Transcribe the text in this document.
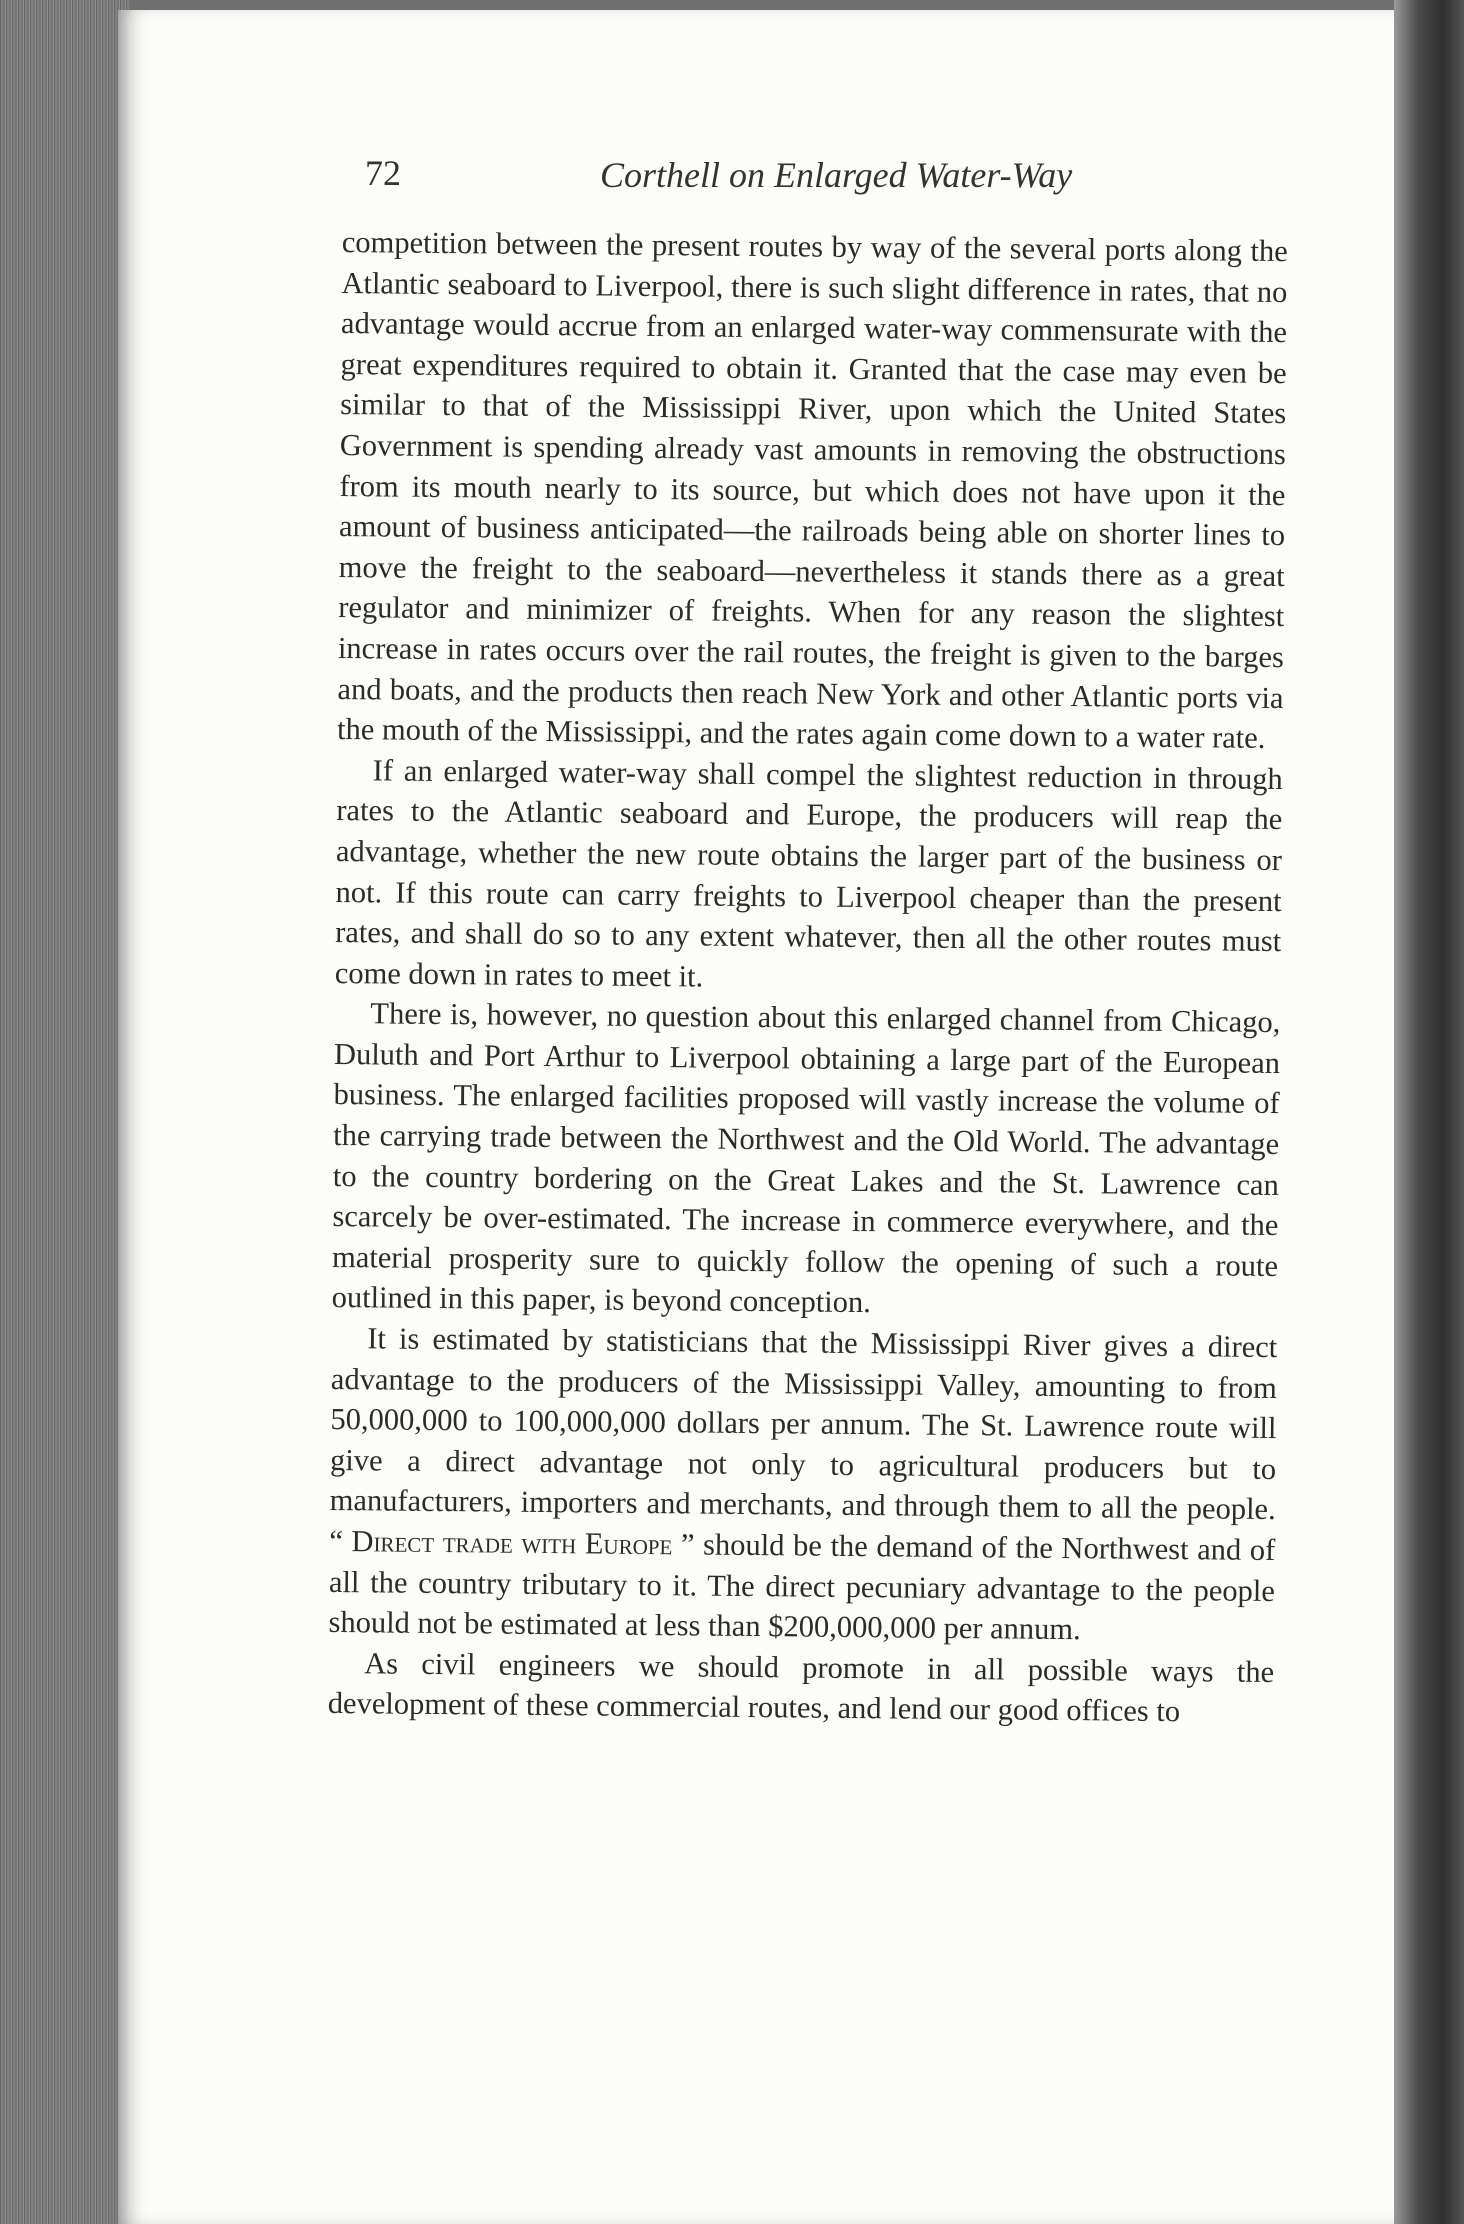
72	Corthell on Enlarged Water-Way

competition between the present routes by way of the several ports along the Atlantic seaboard to Liverpool, there is such slight difference in rates, that no advantage would accrue from an enlarged water-way commensurate with the great expenditures required to obtain it. Granted that the case may even be similar to that of the Mississippi River, upon which the United States Government is spending already vast amounts in removing the obstructions from its mouth nearly to its source, but which does not have upon it the amount of business anticipated—the railroads being able on shorter lines to move the freight to the seaboard—nevertheless it stands there as a great regulator and minimizer of freights. When for any reason the slightest increase in rates occurs over the rail routes, the freight is given to the barges and boats, and the products then reach New York and other Atlantic ports via the mouth of the Mississippi, and the rates again come down to a water rate.

If an enlarged water-way shall compel the slightest reduction in through rates to the Atlantic seaboard and Europe, the producers will reap the advantage, whether the new route obtains the larger part of the business or not. If this route can carry freights to Liverpool cheaper than the present rates, and shall do so to any extent whatever, then all the other routes must come down in rates to meet it.

There is, however, no question about this enlarged channel from Chicago, Duluth and Port Arthur to Liverpool obtaining a large part of the European business. The enlarged facilities proposed will vastly increase the volume of the carrying trade between the Northwest and the Old World. The advantage to the country bordering on the Great Lakes and the St. Lawrence can scarcely be over-estimated. The increase in commerce everywhere, and the material prosperity sure to quickly follow the opening of such a route outlined in this paper, is beyond conception.

It is estimated by statisticians that the Mississippi River gives a direct advantage to the producers of the Mississippi Valley, amounting to from 50,000,000 to 100,000,000 dollars per annum. The St. Lawrence route will give a direct advantage not only to agricultural producers but to manufacturers, importers and merchants, and through them to all the people. “ Direct trade with Europe ” should be the demand of the Northwest and of all the country tributary to it. The direct pecuniary advantage to the people should not be estimated at less than $200,000,000 per annum.

As civil engineers we should promote in all possible ways the development of these commercial routes, and lend our good offices to
